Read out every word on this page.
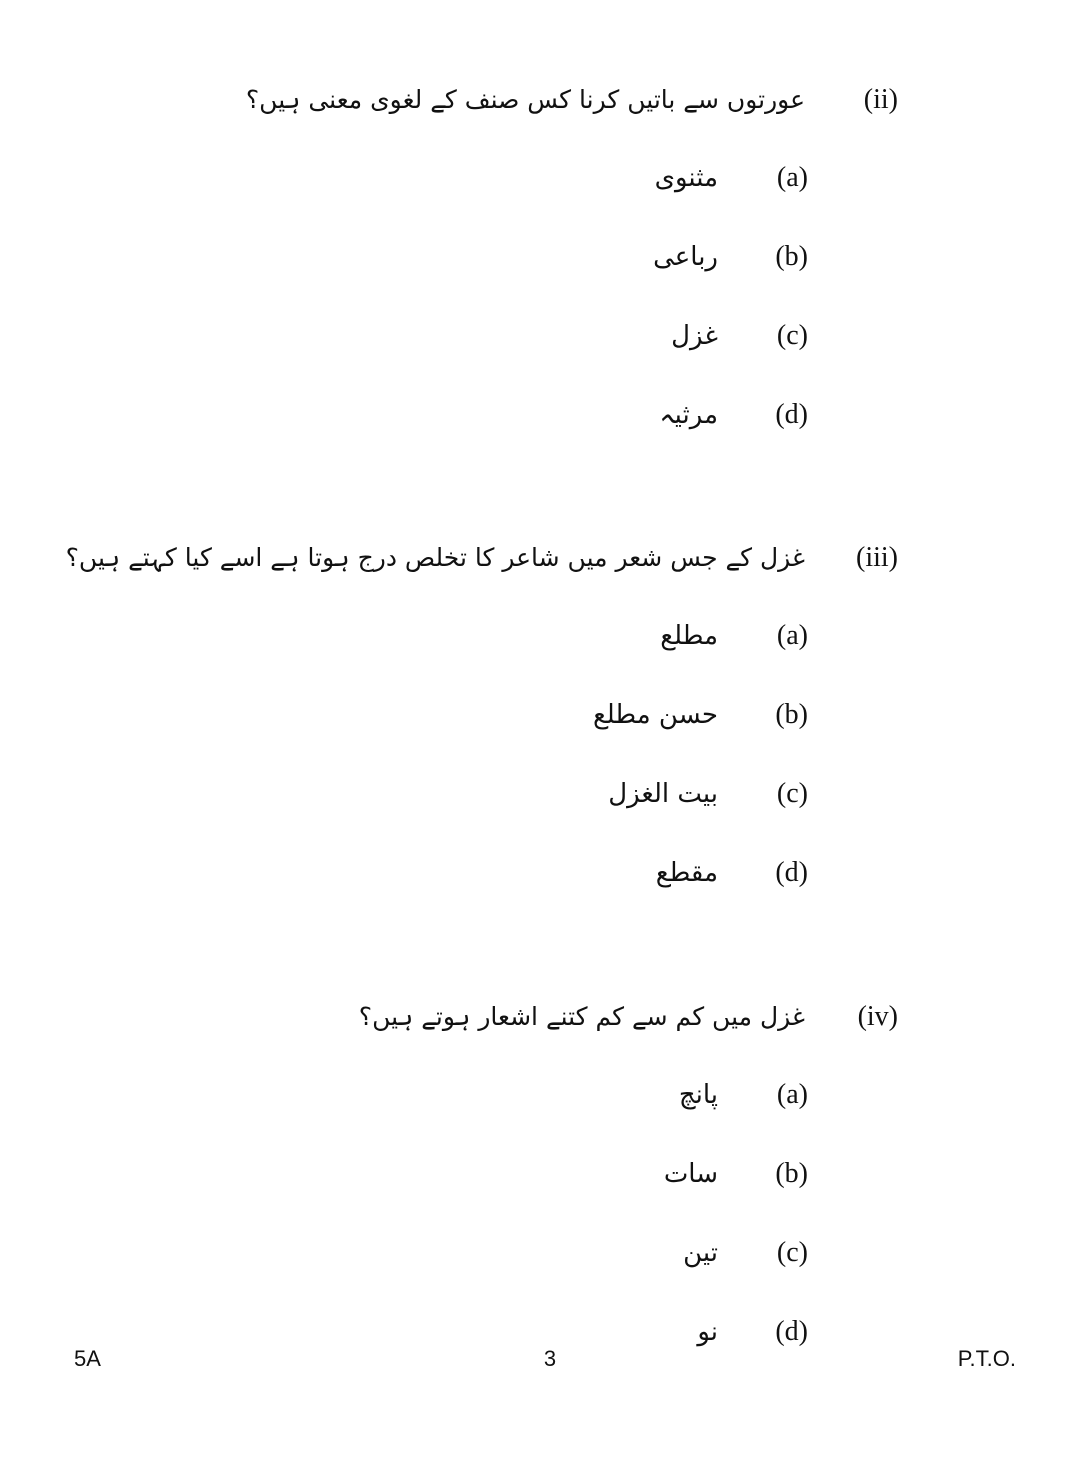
(ii)
عورتوں سے باتیں کرنا کس صنف کے لغوی معنی ہیں؟
(a)
مثنوی
(b)
رباعی
(c)
غزل
(d)
مرثیہ
(iii)
غزل کے جس شعر میں شاعر کا تخلص درج ہوتا ہے اسے کیا کہتے ہیں؟
(a)
مطلع
(b)
حسن مطلع
(c)
بیت الغزل
(d)
مقطع
(iv)
غزل میں کم سے کم کتنے اشعار ہوتے ہیں؟
(a)
پانچ
(b)
سات
(c)
تین
(d)
نو
5A	3	P.T.O.
